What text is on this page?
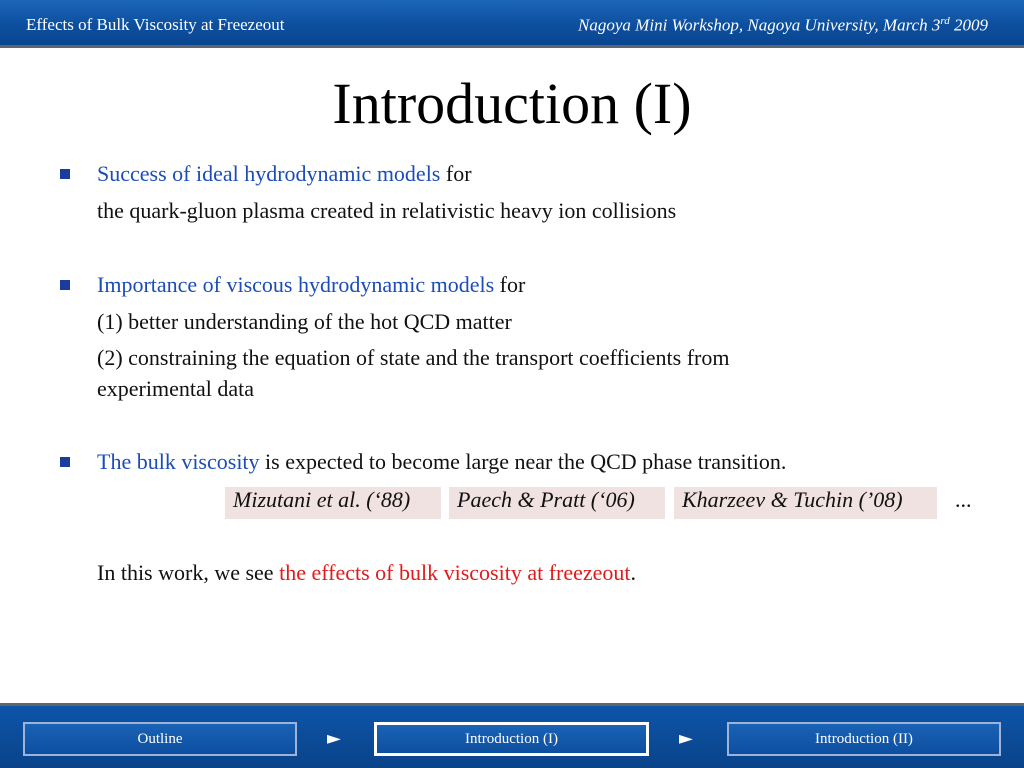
Effects of Bulk Viscosity at Freezeout	Nagoya Mini Workshop, Nagoya University, March 3rd 2009
Introduction (I)
Success of ideal hydrodynamic models for
the quark-gluon plasma created in relativistic heavy ion collisions
Importance of viscous hydrodynamic models for
(1) better understanding of the hot QCD matter
(2) constraining the equation of state and the transport coefficients from
experimental data
The bulk viscosity is expected to become large near the QCD phase transition.
Mizutani et al. (‘88)	Paech & Pratt (‘06)	Kharzeev & Tuchin (’08)	...
In this work, we see the effects of bulk viscosity at freezeout.
Outline	►	Introduction (I)	►	Introduction (II)
